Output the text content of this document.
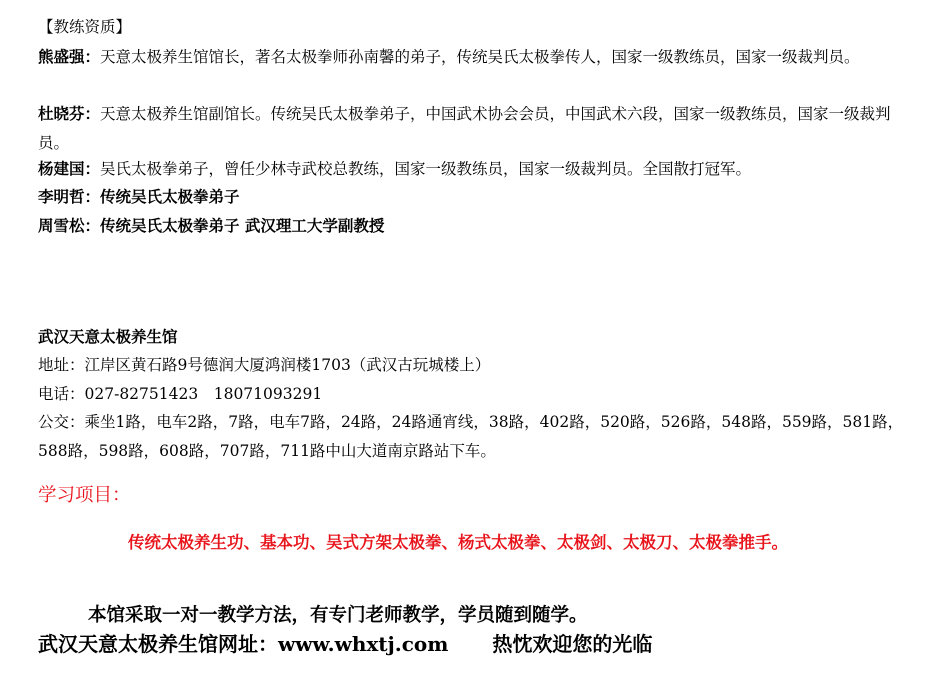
【教练资质】
熊盛强：天意太极养生馆馆长，著名太极拳师孙南馨的弟子，传统吴氏太极拳传人，国家一级教练员，国家一级裁判员。
杜晓芬：天意太极养生馆副馆长。传统吴氏太极拳弟子，中国武术协会会员，中国武术六段，国家一级教练员，国家一级裁判员。
杨建国：吴氏太极拳弟子，曾任少林寺武校总教练，国家一级教练员，国家一级裁判员。全国散打冠军。
李明哲：传统吴氏太极拳弟子
周雪松：传统吴氏太极拳弟子 武汉理工大学副教授
武汉天意太极养生馆
地址：江岸区黄石路9号德润大厦鸿润楼1703（武汉古玩城楼上）
电话：027-82751423　18071093291
公交：乘坐1路，电车2路，7路，电车7路，24路，24路通宵线，38路，402路，520路，526路，548路，559路，581路，588路，598路，608路，707路，711路中山大道南京路站下车。
学习项目：
传统太极养生功、基本功、吴式方架太极拳、杨式太极拳、太极剑、太极刀、太极拳推手。
本馆采取一对一教学方法，有专门老师教学，学员随到随学。
武汉天意太极养生馆网址：www.whxtj.com 热忱欢迎您的光临
